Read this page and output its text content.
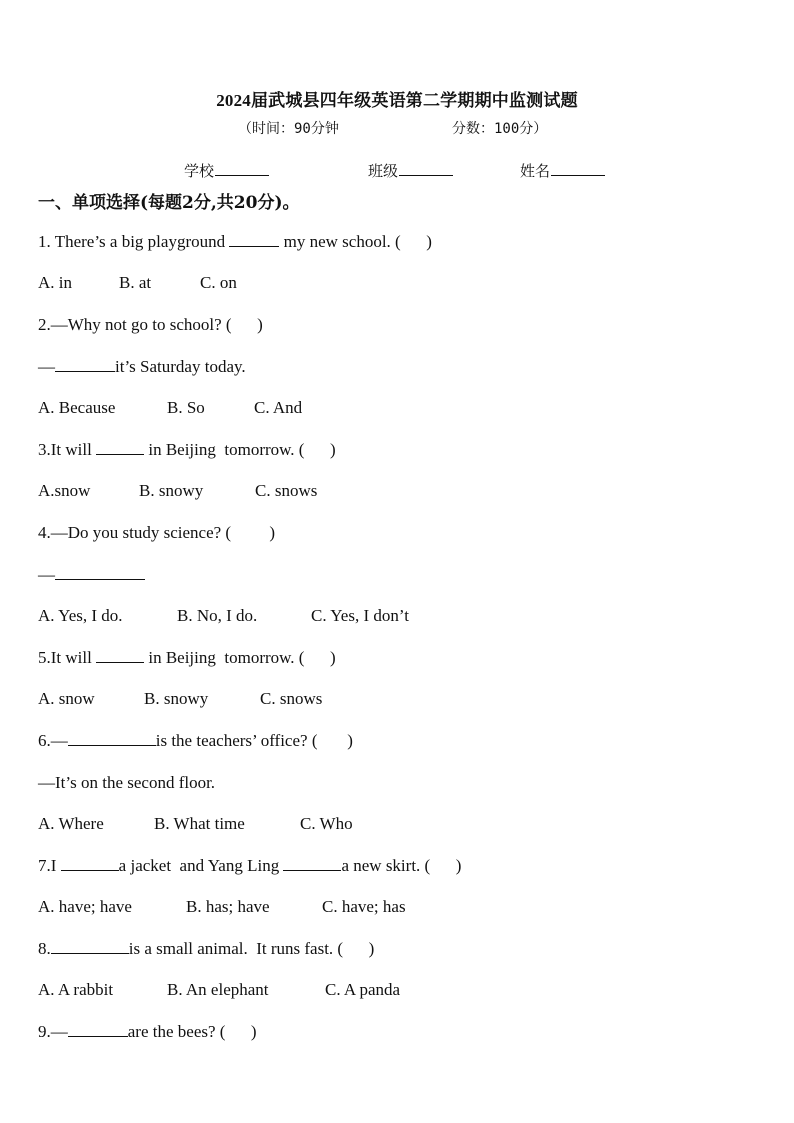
2024届武城县四年级英语第二学期期中监测试题
（时间：90分钟	分数：100分）
学校	班级	姓名
一、单项选择(每题2分,共20分)。
1. There’s a big playground	my new school. (      )
A. in	B. at	C. on
2.—Why not go to school? (      )
—	it’s Saturday today.
A. Because	B. So	C. And
3.It will	in Beijing  tomorrow. (      )
A.snow	B. snowy	C. snows
4.—Do you study science? (         )
—
A. Yes, I do.	B. No, I do.	C. Yes, I don’t
5.It will	in Beijing  tomorrow. (      )
A. snow	B. snowy	C. snows
6.—	is the teachers’ office? (       )
—It’s on the second floor.
A. Where	B. What time	C. Who
7.I	a jacket  and Yang Ling	a new skirt. (      )
A. have; have	B. has; have	C. have; has
8.	is a small animal.  It runs fast. (      )
A. A rabbit	B. An elephant	C. A panda
9.—	are the bees? (      )
